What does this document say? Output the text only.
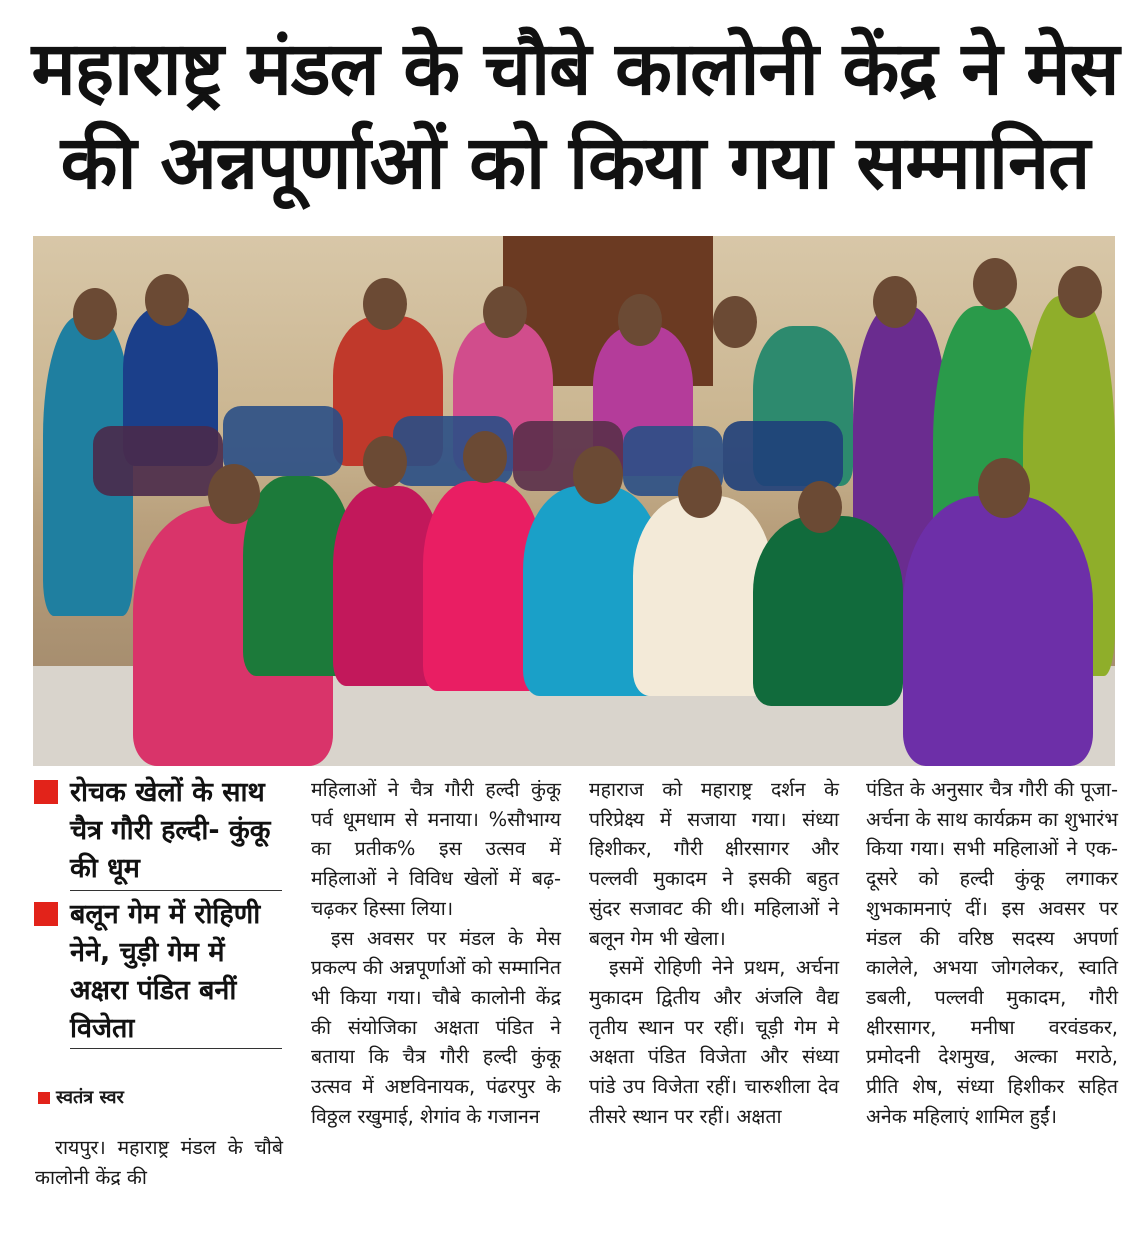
महाराष्ट्र मंडल के चौबे कालोनी केंद्र ने मेस
की अन्नपूर्णाओं को किया गया सम्मानित
रोचक खेलों के साथ चैत्र गौरी हल्दी- कुंकू की धूम
बलून गेम में रोहिणी नेने, चुड़ी गेम में अक्षरा पंडित बनीं विजेता
स्वतंत्र स्वर

रायपुर। महाराष्ट्र मंडल के चौबे कालोनी केंद्र की

महिलाओं ने चैत्र गौरी हल्दी कुंकू पर्व धूमधाम से मनाया। %सौभाग्य का प्रतीक% इस उत्सव में महिलाओं ने विविध खेलों में बढ़-चढ़कर हिस्सा लिया।

इस अवसर पर मंडल के मेस प्रकल्प की अन्नपूर्णाओं को सम्मानित भी किया गया। चौबे कालोनी केंद्र की संयोजिका अक्षता पंडित ने बताया कि चैत्र गौरी हल्दी कुंकू उत्सव में अष्टविनायक, पंढरपुर के विठ्ठल रखुमाई, शेगांव के गजानन

महाराज को महाराष्ट्र दर्शन के परिप्रेक्ष्य में सजाया गया। संध्या हिशीकर, गौरी क्षीरसागर और पल्लवी मुकादम ने इसकी बहुत सुंदर सजावट की थी। महिलाओं ने बलून गेम भी खेला।

इसमें रोहिणी नेने प्रथम, अर्चना मुकादम द्वितीय और अंजलि वैद्य तृतीय स्थान पर रहीं। चूड़ी गेम मे अक्षता पंडित विजेता और संध्या पांडे उप विजेता रहीं। चारुशीला देव तीसरे स्थान पर रहीं। अक्षता

पंडित के अनुसार चैत्र गौरी की पूजा- अर्चना के साथ कार्यक्रम का शुभारंभ किया गया। सभी महिलाओं ने एक-दूसरे को हल्दी कुंकू लगाकर शुभकामनाएं दीं। इस अवसर पर मंडल की वरिष्ठ सदस्य अपर्णा कालेले, अभया जोगलेकर, स्वाति डबली, पल्लवी मुकादम, गौरी क्षीरसागर, मनीषा वरवंडकर, प्रमोदनी देशमुख, अल्का मराठे, प्रीति शेष, संध्या हिशीकर सहित अनेक महिलाएं शामिल हुईं।
